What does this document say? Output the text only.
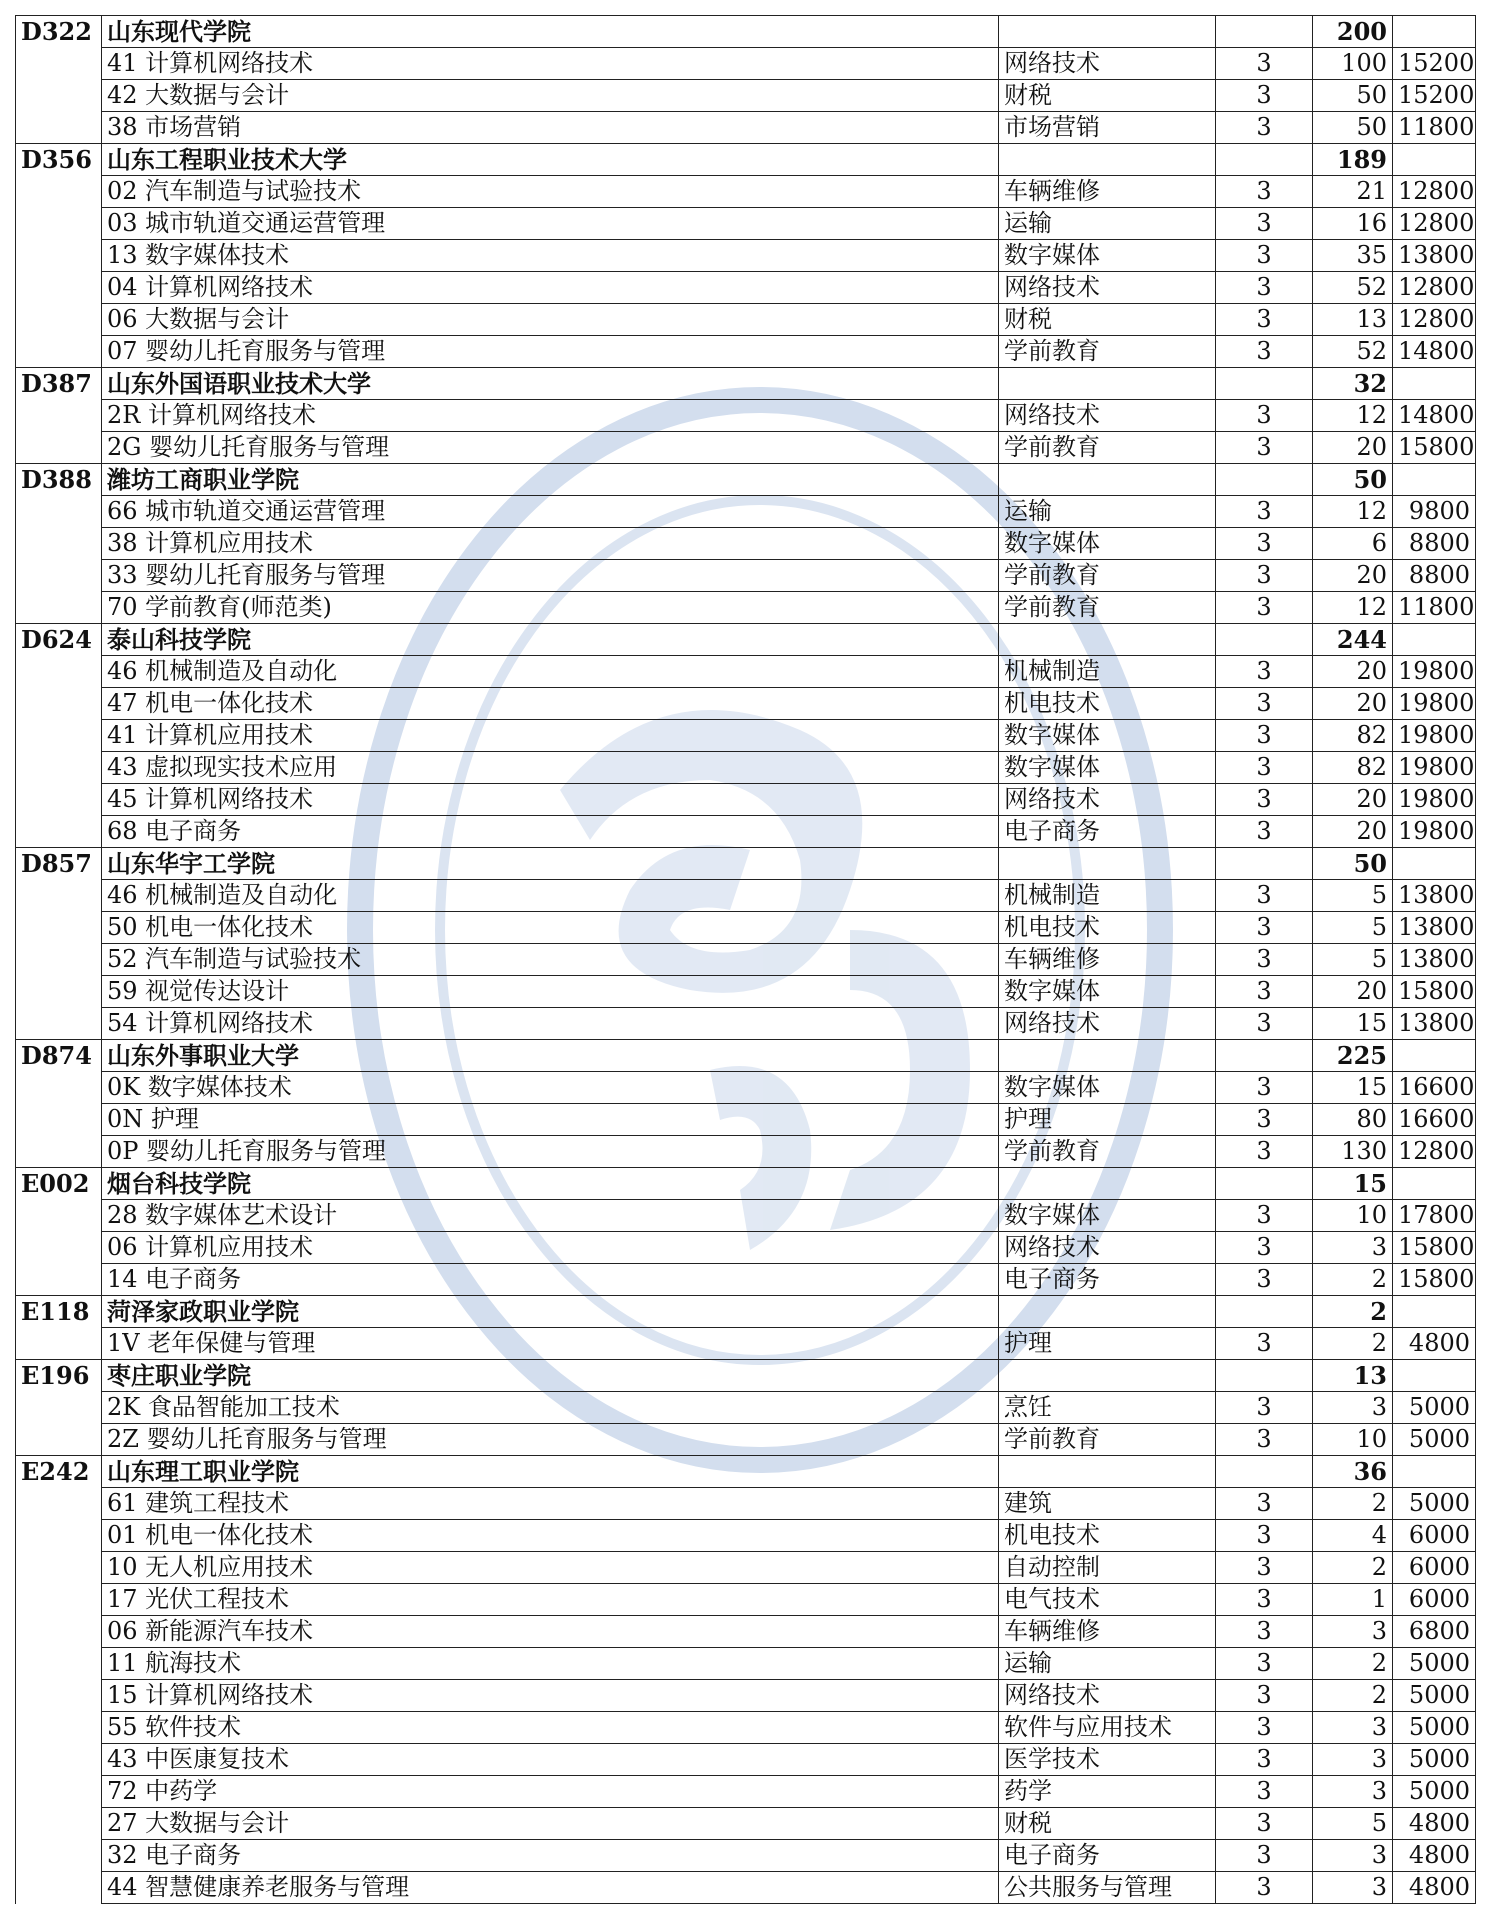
D322	山东现代学院			200	
	41 计算机网络技术	网络技术	3	100	15200
	42 大数据与会计	财税	3	50	15200
	38 市场营销	市场营销	3	50	11800
D356	山东工程职业技术大学			189	
	02 汽车制造与试验技术	车辆维修	3	21	12800
	03 城市轨道交通运营管理	运输	3	16	12800
	13 数字媒体技术	数字媒体	3	35	13800
	04 计算机网络技术	网络技术	3	52	12800
	06 大数据与会计	财税	3	13	12800
	07 婴幼儿托育服务与管理	学前教育	3	52	14800
D387	山东外国语职业技术大学			32	
	2R 计算机网络技术	网络技术	3	12	14800
	2G 婴幼儿托育服务与管理	学前教育	3	20	15800
D388	潍坊工商职业学院			50	
	66 城市轨道交通运营管理	运输	3	12	9800
	38 计算机应用技术	数字媒体	3	6	8800
	33 婴幼儿托育服务与管理	学前教育	3	20	8800
	70 学前教育(师范类)	学前教育	3	12	11800
D624	泰山科技学院			244	
	46 机械制造及自动化	机械制造	3	20	19800
	47 机电一体化技术	机电技术	3	20	19800
	41 计算机应用技术	数字媒体	3	82	19800
	43 虚拟现实技术应用	数字媒体	3	82	19800
	45 计算机网络技术	网络技术	3	20	19800
	68 电子商务	电子商务	3	20	19800
D857	山东华宇工学院			50	
	46 机械制造及自动化	机械制造	3	5	13800
	50 机电一体化技术	机电技术	3	5	13800
	52 汽车制造与试验技术	车辆维修	3	5	13800
	59 视觉传达设计	数字媒体	3	20	15800
	54 计算机网络技术	网络技术	3	15	13800
D874	山东外事职业大学			225	
	0K 数字媒体技术	数字媒体	3	15	16600
	0N 护理	护理	3	80	16600
	0P 婴幼儿托育服务与管理	学前教育	3	130	12800
E002	烟台科技学院			15	
	28 数字媒体艺术设计	数字媒体	3	10	17800
	06 计算机应用技术	网络技术	3	3	15800
	14 电子商务	电子商务	3	2	15800
E118	菏泽家政职业学院			2	
	1V 老年保健与管理	护理	3	2	4800
E196	枣庄职业学院			13	
	2K 食品智能加工技术	烹饪	3	3	5000
	2Z 婴幼儿托育服务与管理	学前教育	3	10	5000
E242	山东理工职业学院			36	
	61 建筑工程技术	建筑	3	2	5000
	01 机电一体化技术	机电技术	3	4	6000
	10 无人机应用技术	自动控制	3	2	6000
	17 光伏工程技术	电气技术	3	1	6000
	06 新能源汽车技术	车辆维修	3	3	6800
	11 航海技术	运输	3	2	5000
	15 计算机网络技术	网络技术	3	2	5000
	55 软件技术	软件与应用技术	3	3	5000
	43 中医康复技术	医学技术	3	3	5000
	72 中药学	药学	3	3	5000
	27 大数据与会计	财税	3	5	4800
	32 电子商务	电子商务	3	3	4800
	44 智慧健康养老服务与管理	公共服务与管理	3	3	4800
